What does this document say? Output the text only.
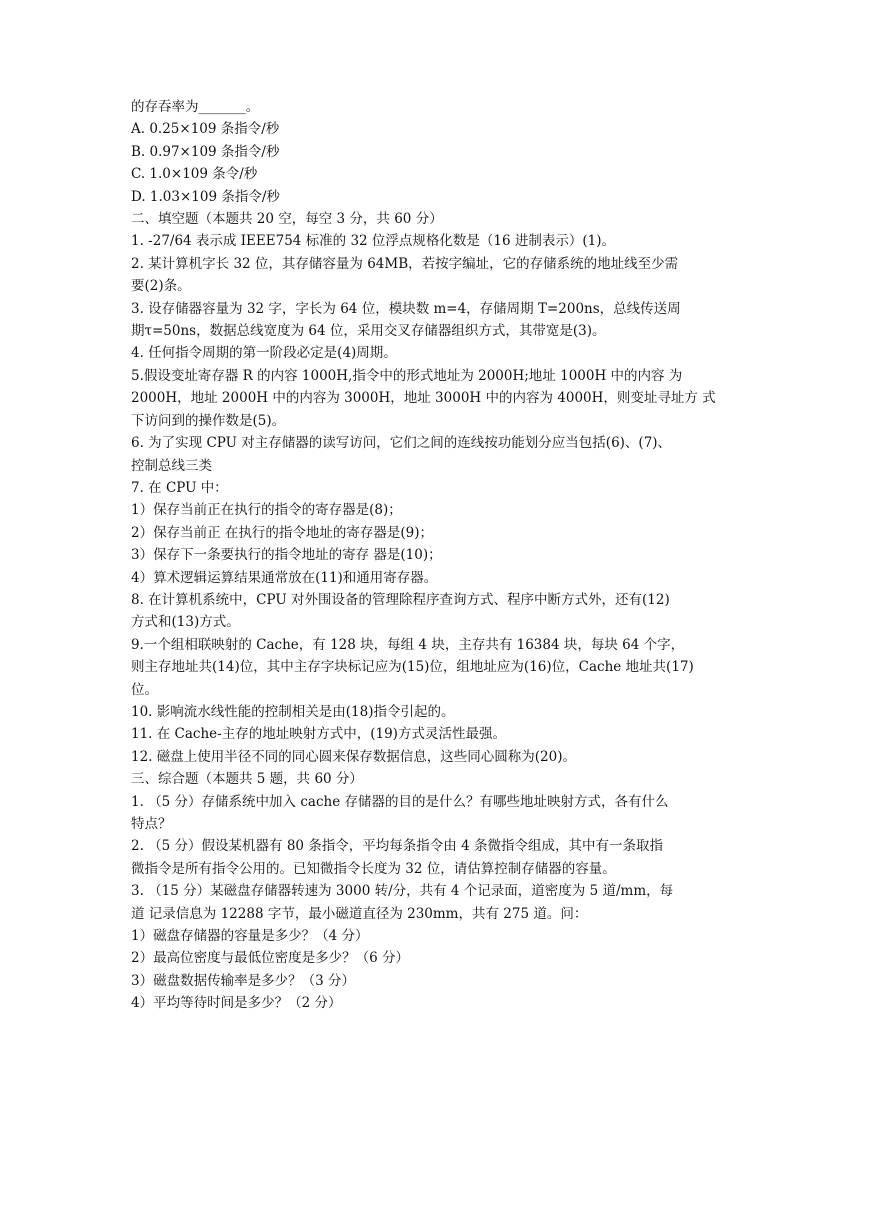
的存吞率为_______。
A. 0.25×109 条指令/秒
B. 0.97×109 条指令/秒
C. 1.0×109 条令/秒
D. 1.03×109 条指令/秒
二、填空题（本题共 20 空，每空 3 分，共 60 分）
1. -27/64 表示成 IEEE754 标准的 32 位浮点规格化数是（16 进制表示）(1)。
2. 某计算机字长 32 位，其存储容量为 64MB，若按字编址，它的存储系统的地址线至少需
要(2)条。
3. 设存储器容量为 32 字，字长为 64 位，模块数 m=4，存储周期 T=200ns，总线传送周
期τ=50ns，数据总线宽度为 64 位，采用交叉存储器组织方式，其带宽是(3)。
4. 任何指令周期的第一阶段必定是(4)周期。
5.假设变址寄存器 R 的内容 1000H,指令中的形式地址为 2000H;地址 1000H 中的内容 为
2000H，地址 2000H 中的内容为 3000H，地址 3000H 中的内容为 4000H，则变址寻址方 式
下访问到的操作数是(5)。
6. 为了实现 CPU 对主存储器的读写访问，它们之间的连线按功能划分应当包括(6)、(7)、
控制总线三类
7. 在 CPU 中：
1）保存当前正在执行的指令的寄存器是(8)；
2）保存当前正 在执行的指令地址的寄存器是(9)；
3）保存下一条要执行的指令地址的寄存 器是(10)；
4）算术逻辑运算结果通常放在(11)和通用寄存器。
8. 在计算机系统中，CPU 对外围设备的管理除程序查询方式、程序中断方式外，还有(12)
方式和(13)方式。
9.一个组相联映射的 Cache，有 128 块，每组 4 块，主存共有 16384 块，每块 64 个字，
则主存地址共(14)位，其中主存字块标记应为(15)位，组地址应为(16)位，Cache 地址共(17)
位。
10. 影响流水线性能的控制相关是由(18)指令引起的。
11. 在 Cache-主存的地址映射方式中，(19)方式灵活性最强。
12. 磁盘上使用半径不同的同心圆来保存数据信息，这些同心圆称为(20)。
三、综合题（本题共 5 题，共 60 分）
1. （5 分）存储系统中加入 cache 存储器的目的是什么？有哪些地址映射方式，各有什么
特点？
2. （5 分）假设某机器有 80 条指令，平均每条指令由 4 条微指令组成，其中有一条取指
微指令是所有指令公用的。已知微指令长度为 32 位，请估算控制存储器的容量。
3. （15 分）某磁盘存储器转速为 3000 转/分，共有 4 个记录面，道密度为 5 道/mm，每
道 记录信息为 12288 字节，最小磁道直径为 230mm，共有 275 道。问：
1）磁盘存储器的容量是多少？（4 分）
2）最高位密度与最低位密度是多少？（6 分）
3）磁盘数据传输率是多少？（3 分）
4）平均等待时间是多少？（2 分）
